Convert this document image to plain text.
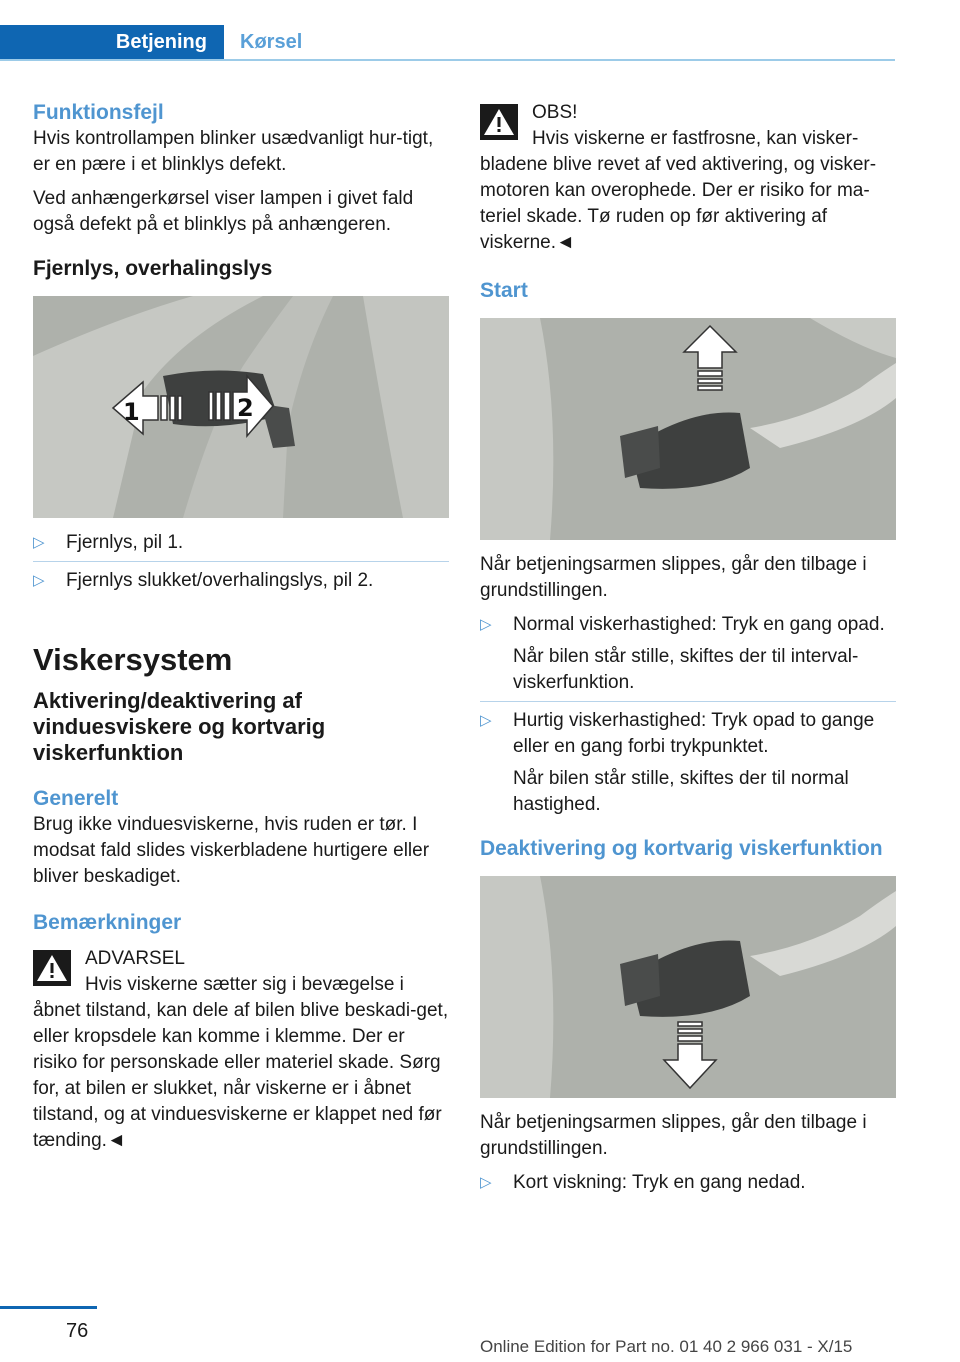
Betjening	Kørsel
Funktionsfejl

Hvis kontrollampen blinker usædvanligt hur-tigt, er en pære i et blinklys defekt.

Ved anhængerkørsel viser lampen i givet fald også defekt på et blinklys på anhængeren.

Fjernlys, overhalingslys
1	2
▷ Fjernlys, pil 1.
▷ Fjernlys slukket/overhalingslys, pil 2.
Viskersystem
Aktivering/deaktivering af vinduesviskere og kortvarig viskerfunktion
Generelt

Brug ikke vinduesviskerne, hvis ruden er tør. I modsat fald slides viskerbladene hurtigere eller bliver beskadiget.

Bemærkninger
ADVARSEL
Hvis viskerne sætter sig i bevægelse i

åbnet tilstand, kan dele af bilen blive beskadi-get, eller kropsdele kan komme i klemme. Der er risiko for personskade eller materiel skade. Sørg for, at bilen er slukket, når viskerne er i åbnet tilstand, og at vinduesviskerne er klappet ned før tænding.◄

OBS!
Hvis viskerne er fastfrosne, kan visker-

bladene blive revet af ved aktivering, og visker-motoren kan overophede. Der er risiko for ma-teriel skade. Tø ruden op før aktivering af viskerne.◄

Start

Når betjeningsarmen slippes, går den tilbage i grundstillingen.

▷ Normal viskerhastighed: Tryk en gang opad.
Når bilen står stille, skiftes der til interval-viskerfunktion.
▷ Hurtig viskerhastighed: Tryk opad to gange eller en gang forbi trykpunktet.
Når bilen står stille, skiftes der til normal hastighed.
Deaktivering og kortvarig viskerfunktion

Når betjeningsarmen slippes, går den tilbage i grundstillingen.

▷ Kort viskning: Tryk en gang nedad.
76
Online Edition for Part no. 01 40 2 966 031 - X/15
